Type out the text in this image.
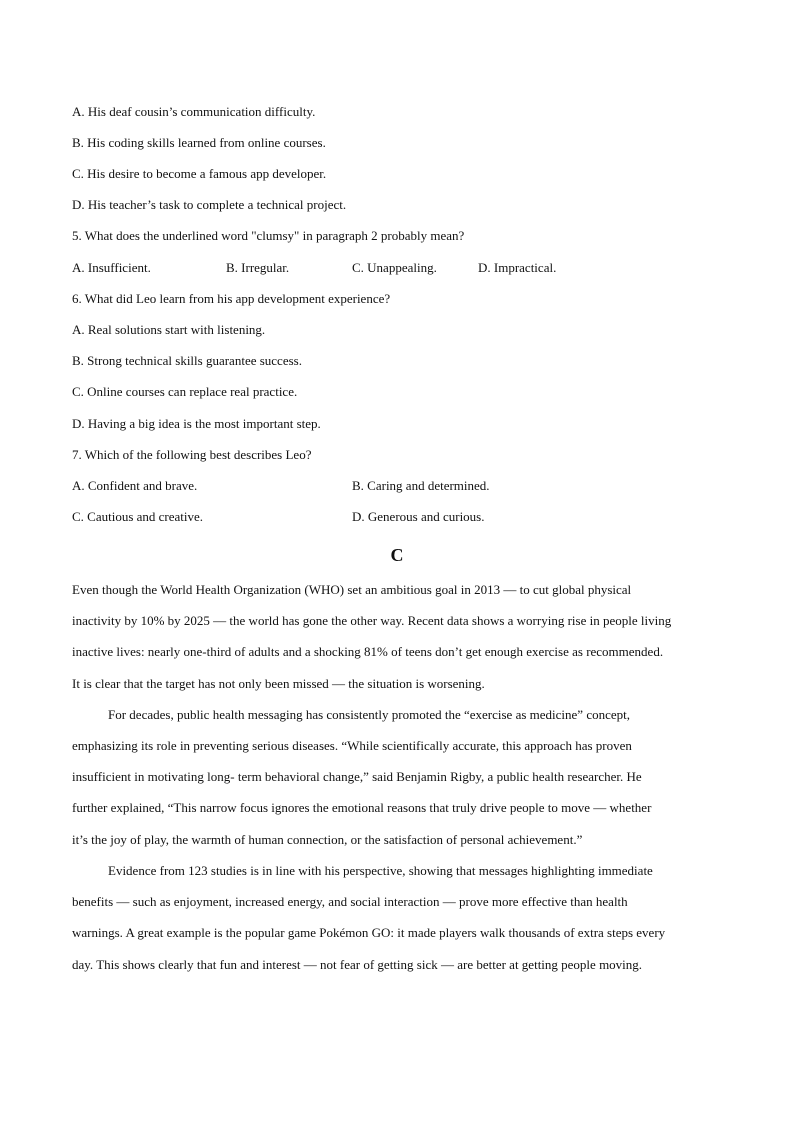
A. His deaf cousin’s communication difficulty.
B. His coding skills learned from online courses.
C. His desire to become a famous app developer.
D. His teacher’s task to complete a technical project.
5. What does the underlined word "clumsy" in paragraph 2 probably mean?
A. Insufficient.	B. Irregular.	C. Unappealing.	D. Impractical.
6. What did Leo learn from his app development experience?
A. Real solutions start with listening.
B. Strong technical skills guarantee success.
C. Online courses can replace real practice.
D. Having a big idea is the most important step.
7. Which of the following best describes Leo?
A. Confident and brave.	B. Caring and determined.
C. Cautious and creative.	D. Generous and curious.
C
Even though the World Health Organization (WHO) set an ambitious goal in 2013 — to cut global physical
inactivity by 10% by 2025 — the world has gone the other way. Recent data shows a worrying rise in people living
inactive lives: nearly one-third of adults and a shocking 81% of teens don’t get enough exercise as recommended.
It is clear that the target has not only been missed — the situation is worsening.
For decades, public health messaging has consistently promoted the “exercise as medicine” concept,
emphasizing its role in preventing serious diseases. “While scientifically accurate, this approach has proven
insufficient in motivating long- term behavioral change,” said Benjamin Rigby, a public health researcher. He
further explained, “This narrow focus ignores the emotional reasons that truly drive people to move — whether
it’s the joy of play, the warmth of human connection, or the satisfaction of personal achievement.”
Evidence from 123 studies is in line with his perspective, showing that messages highlighting immediate
benefits — such as enjoyment, increased energy, and social interaction — prove more effective than health
warnings. A great example is the popular game Pokémon GO: it made players walk thousands of extra steps every
day. This shows clearly that fun and interest — not fear of getting sick — are better at getting people moving.
